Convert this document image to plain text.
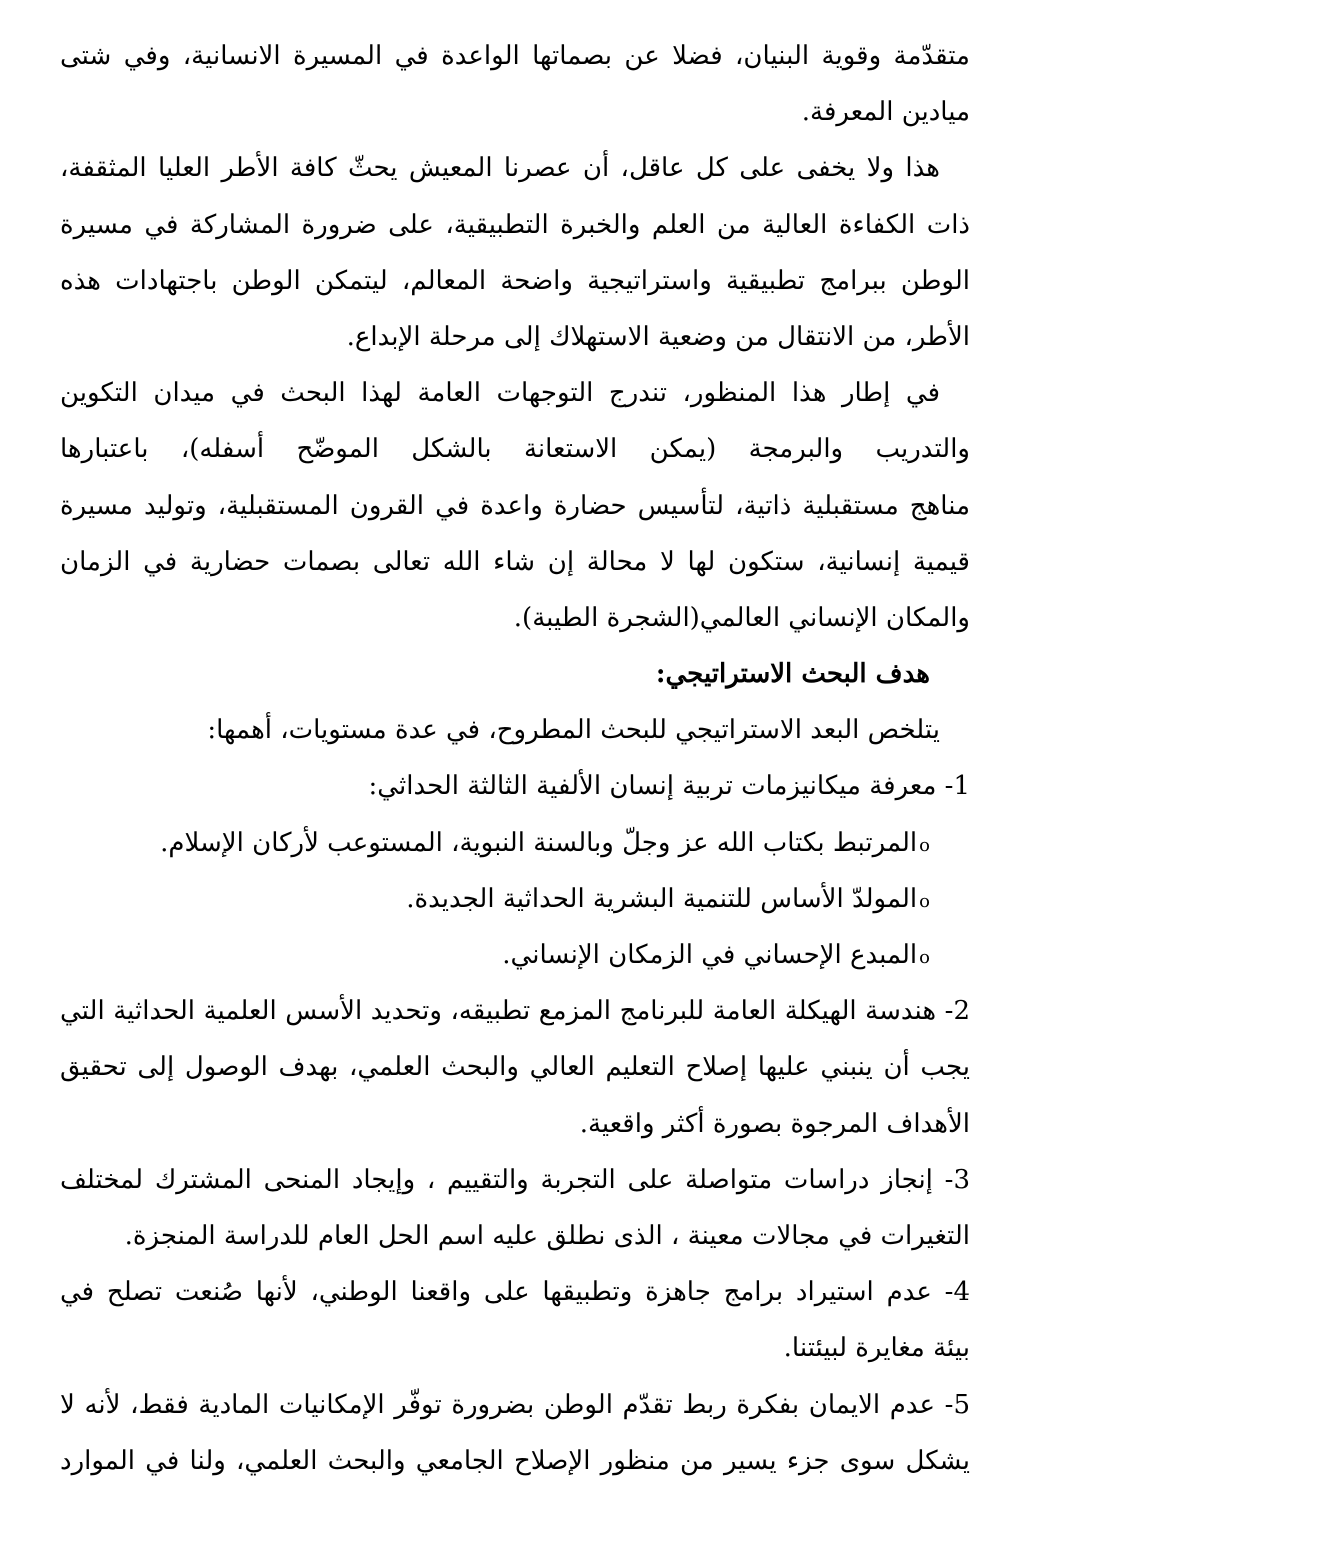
متقدّمة وقوية البنيان، فضلا عن بصماتها الواعدة في المسيرة الانسانية، وفي شتى
ميادين المعرفة.
هذا ولا يخفى على كل عاقل، أن عصرنا المعيش يحثّ كافة الأطر العليا المثقفة،
ذات الكفاءة العالية من العلم والخبرة التطبيقية، على ضرورة المشاركة في مسيرة
الوطن ببرامج تطبيقية واستراتيجية واضحة المعالم، ليتمكن الوطن باجتهادات هذه
الأطر، من الانتقال من وضعية الاستهلاك إلى مرحلة الإبداع.
في إطار هذا المنظور، تندرج التوجهات العامة لهذا البحث في ميدان التكوين
والتدريب والبرمجة (يمكن الاستعانة بالشكل الموضّح أسفله)، باعتبارها
مناهج مستقبلية ذاتية، لتأسيس حضارة واعدة في القرون المستقبلية، وتوليد مسيرة
قيمية إنسانية، ستكون لها لا محالة إن شاء الله تعالى بصمات حضارية في الزمان
والمكان الإنساني العالمي(الشجرة الطيبة).
هدف البحث الاستراتيجي:
يتلخص البعد الاستراتيجي للبحث المطروح، في عدة مستويات، أهمها:
1- معرفة ميكانيزمات تربية إنسان الألفية الثالثة الحداثي:
oالمرتبط بكتاب الله عز وجلّ وبالسنة النبوية، المستوعب لأركان الإسلام.
oالمولدّ الأساس للتنمية البشرية الحداثية الجديدة.
oالمبدع الإحساني في الزمكان الإنساني.
2- هندسة الهيكلة العامة للبرنامج المزمع تطبيقه، وتحديد الأسس العلمية الحداثية التي
يجب أن ينبني عليها إصلاح التعليم العالي والبحث العلمي، بهدف الوصول إلى تحقيق
الأهداف المرجوة بصورة أكثر واقعية.
3- إنجاز دراسات متواصلة على التجربة والتقييم ، وإيجاد المنحى المشترك لمختلف
التغيرات في مجالات معينة ، الذى نطلق عليه اسم الحل العام للدراسة المنجزة.
4- عدم استيراد برامج جاهزة وتطبيقها على واقعنا الوطني، لأنها صُنعت تصلح في
بيئة مغايرة لبيئتنا.
5- عدم الايمان بفكرة ربط تقدّم الوطن بضرورة توفّر الإمكانيات المادية فقط، لأنه لا
يشكل سوى جزء يسير من منظور الإصلاح الجامعي والبحث العلمي، ولنا في الموارد
